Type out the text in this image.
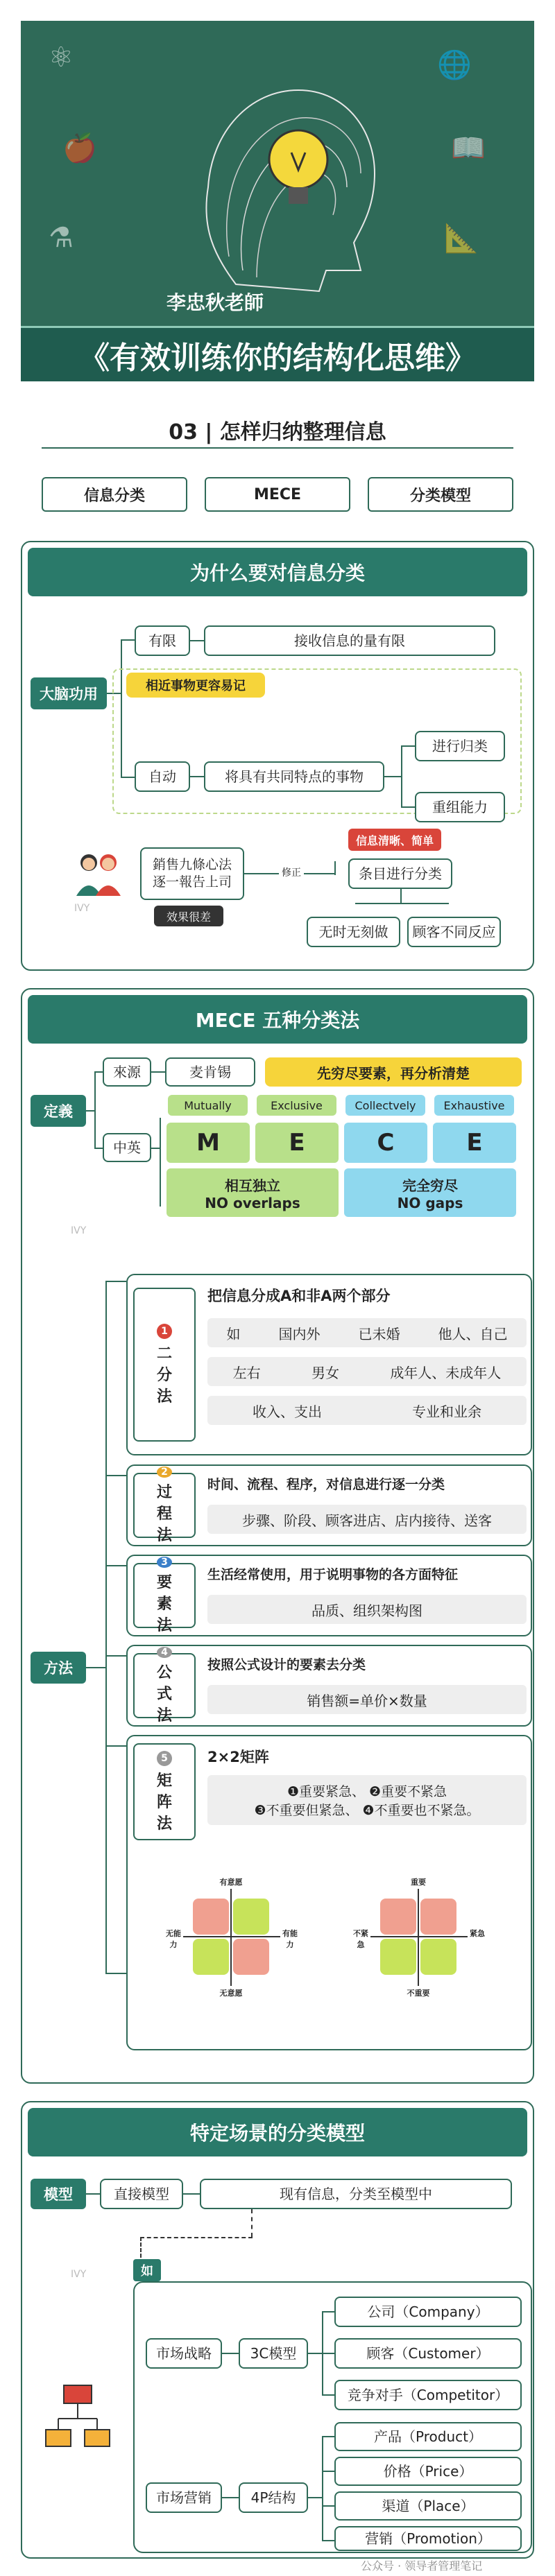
⚛
🍎
⚗
🌐
📖
📐
李忠秋老師
《有效训练你的结构化思维》
03 | 怎样归纳整理信息
信息分类	MECE	分类模型
为什么要对信息分类
大脑功用
有限	接收信息的量有限
相近事物更容易记
自动	将具有共同特点的事物
进行归类
重组能力
IVY
銷售九條心法
逐一報告上司
效果很差
修正
信息清晰、简单
条目进行分类
无时无刻做	顾客不同反应
MECE 五种分类法
定義
來源	麦肯锡	先穷尽要素，再分析清楚
中英
Mutually	Exclusive	Collectvely	Exhaustive
M	E	C	E
相互独立
NO overlaps
完全穷尽
NO gaps
IVY
方法
1
二
分
法
把信息分成A和非A两个部分
如	国内外	已未婚	他人、自己
左右	男女	成年人、未成年人
收入、支出	专业和业余
2
过
程
法
时间、流程、程序，对信息进行逐一分类
步骤、阶段、顾客进店、店内接待、送客
3
要
素
法
生活经常使用，用于说明事物的各方面特征
品质、组织架构图
4
公
式
法
按照公式设计的要素去分类
销售额=单价×数量
5
矩
阵
法
2×2矩阵
❶重要紧急、 ❷重要不紧急
❸不重要但紧急、 ❹不重要也不紧急。
有意愿
无意愿
无能力
有能力
重要
不重要
不紧急
紧急
特定场景的分类模型
模型	直接模型	现有信息，分类至模型中
IVY	如
市场战略	3C模型
公司（Company）
顾客（Customer）
竞争对手（Competitor）
市场营销	4P结构
产品（Product）
价格（Price）
渠道（Place）
营销（Promotion）
公众号 · 领导者管理笔记
